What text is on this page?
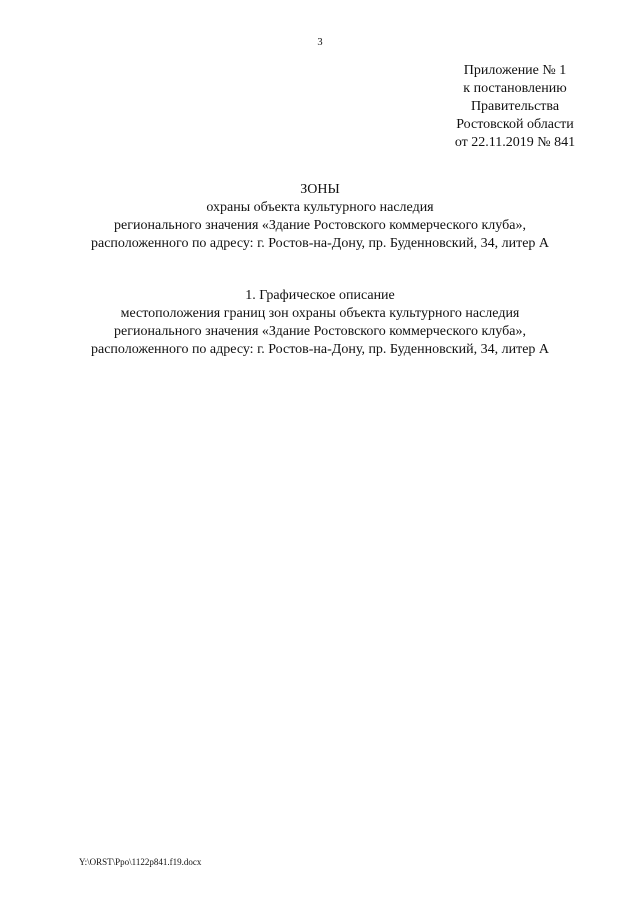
3
Приложение № 1
к постановлению
Правительства
Ростовской области
от 22.11.2019 № 841
ЗОНЫ
охраны объекта культурного наследия
регионального значения «Здание Ростовского коммерческого клуба»,
расположенного по адресу: г. Ростов-на-Дону, пр. Буденновский, 34, литер А
1. Графическое описание
местоположения границ зон охраны объекта культурного наследия
регионального значения «Здание Ростовского коммерческого клуба»,
расположенного по адресу: г. Ростов-на-Дону, пр. Буденновский, 34, литер А
Y:\ORST\Ppo\1122p841.f19.docx
